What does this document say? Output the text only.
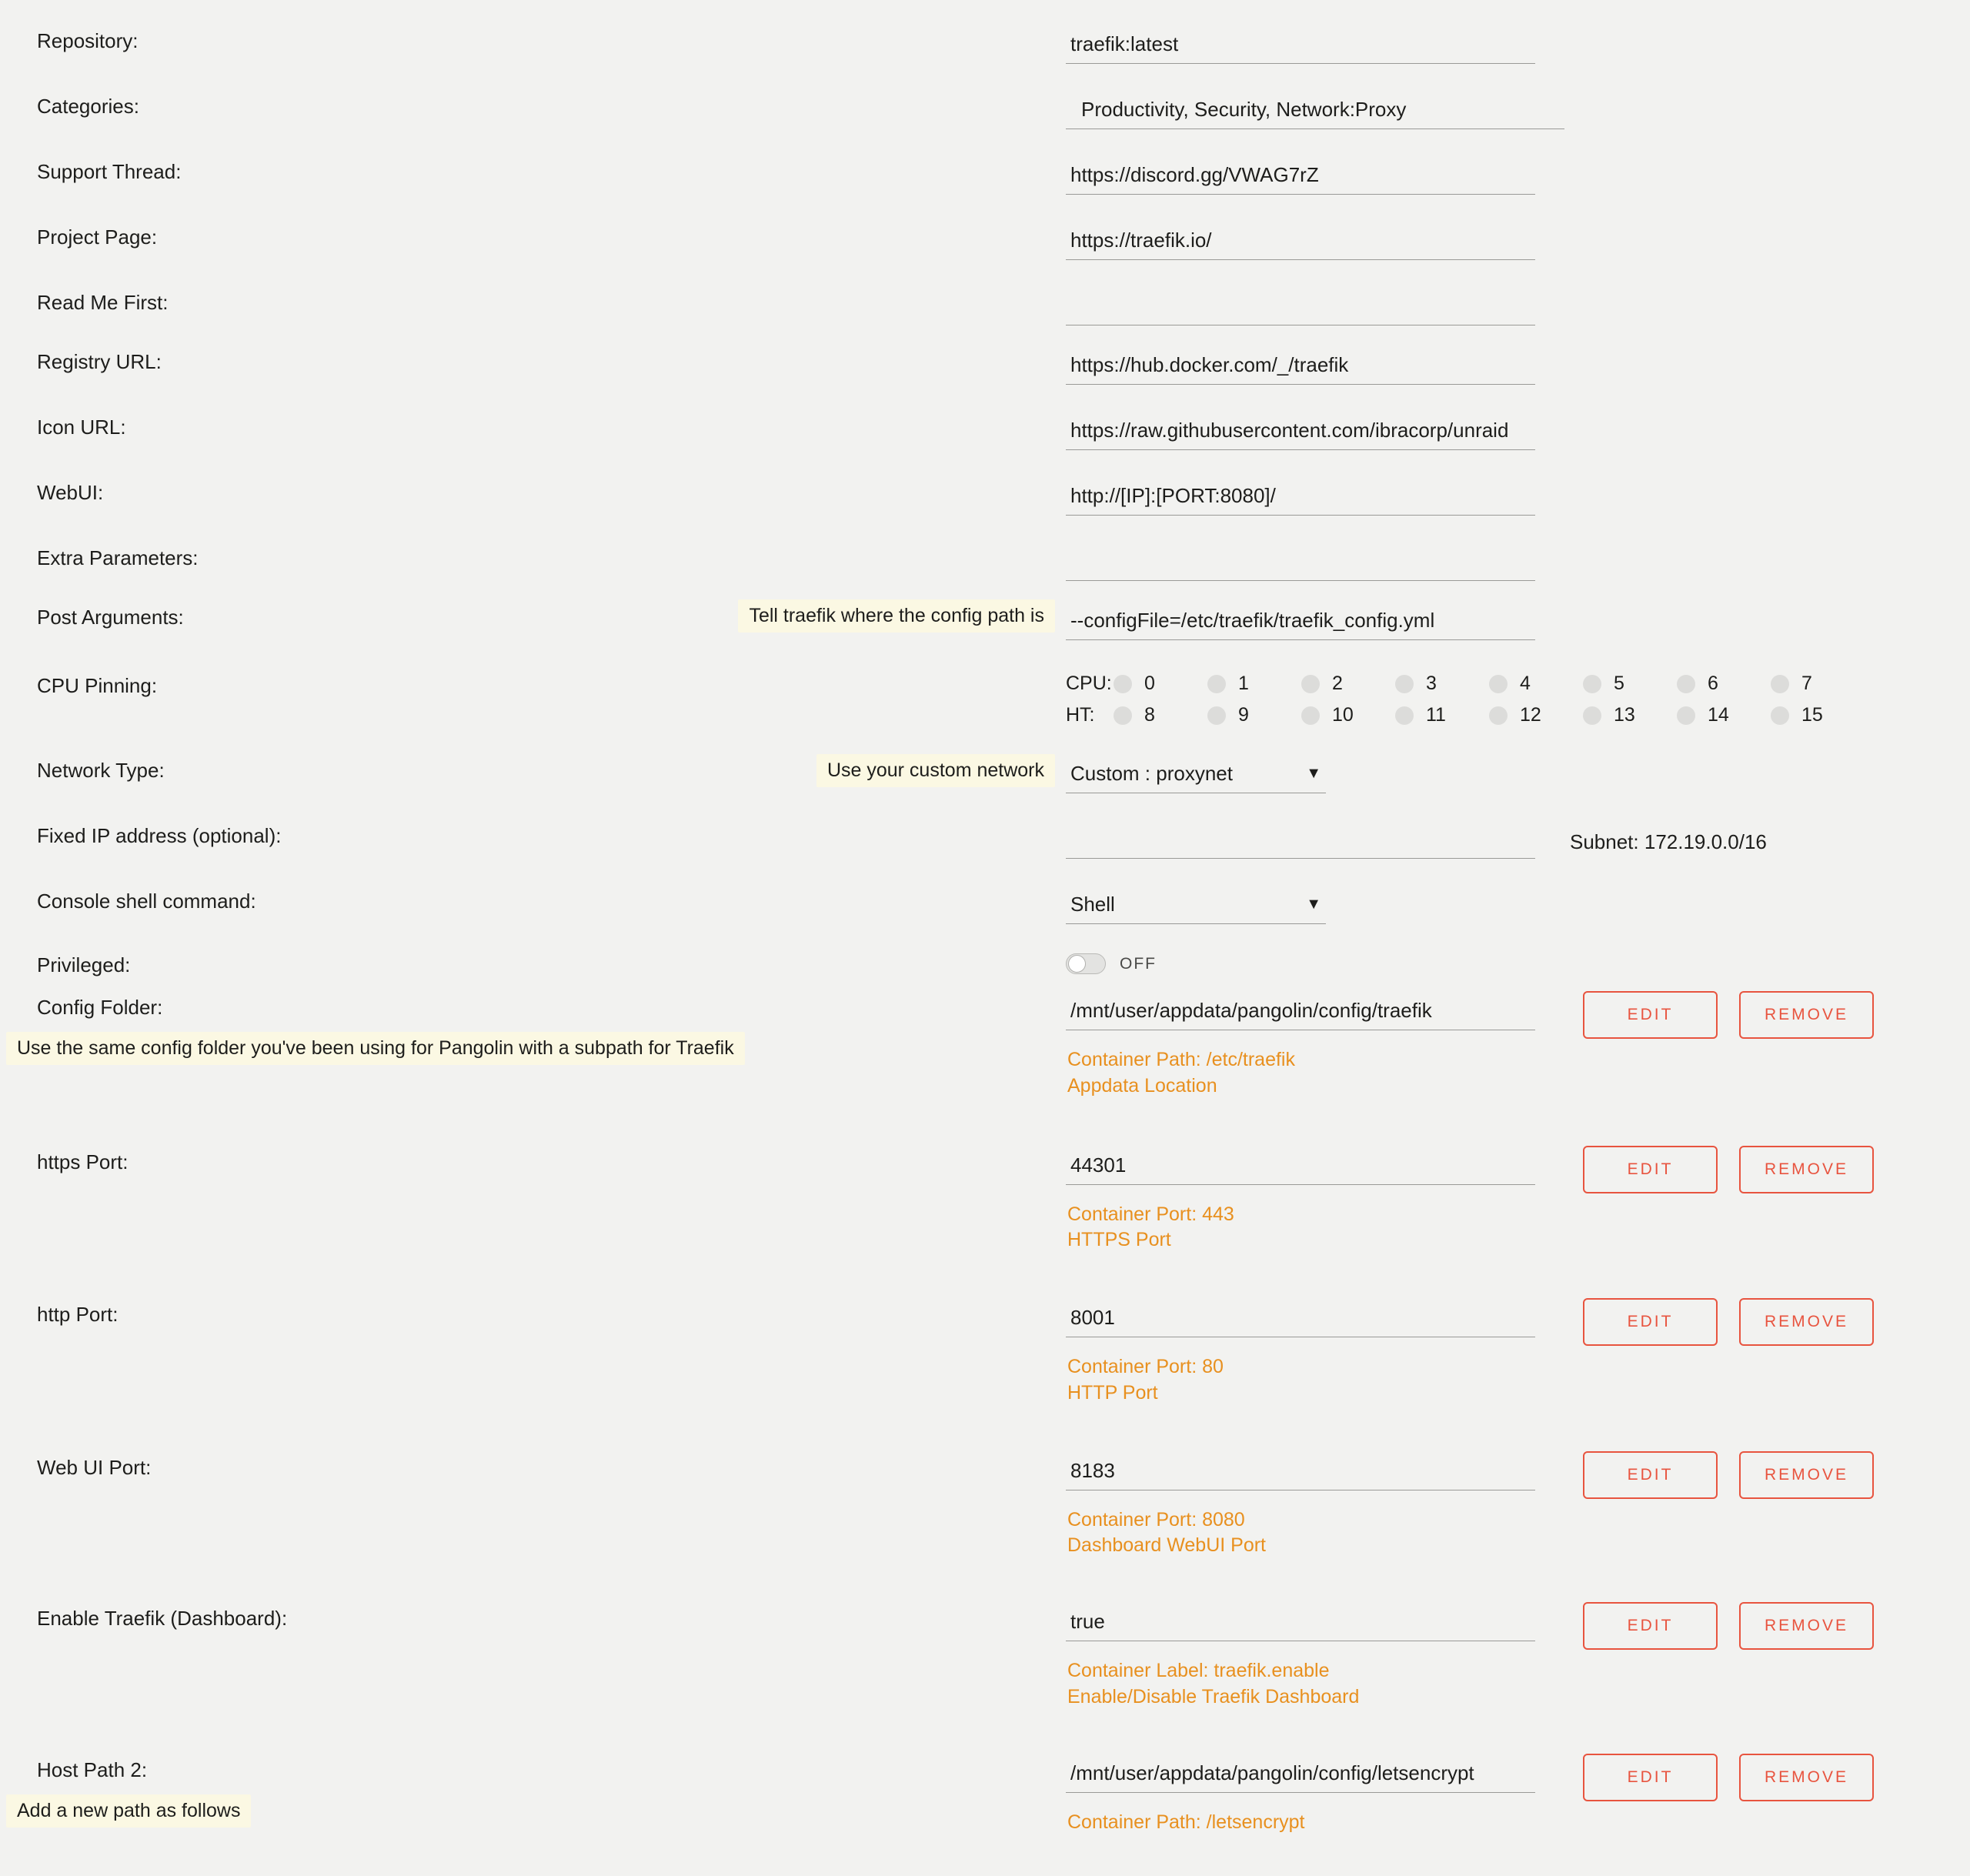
Repository:
traefik:latest
Categories:
Productivity, Security, Network:Proxy
Support Thread:
https://discord.gg/VWAG7rZ
Project Page:
https://traefik.io/
Read Me First:
Registry URL:
https://hub.docker.com/_/traefik
Icon URL:
https://raw.githubusercontent.com/ibracorp/unraid
WebUI:
http://[IP]:[PORT:8080]/
Extra Parameters:
Post Arguments:	Tell traefik where the config path is
--configFile=/etc/traefik/traefik_config.yml
CPU Pinning:	CPU: 0	1	2	3	4	5	6	7
HT:	8	9	10	11	12	13	14	15
Network Type:	Use your custom network	Custom : proxynet	▼
Fixed IP address (optional):	Subnet: 172.19.0.0/16
Console shell command:	Shell	▼
Privileged:	OFF
Config Folder:
Use the same config folder you've been using for Pangolin with a subpath for Traefik
/mnt/user/appdata/pangolin/config/traefik
EDIT	REMOVE
Container Path: /etc/traefik
Appdata Location
https Port:
44301	EDIT	REMOVE
Container Port: 443
HTTPS Port
http Port:
8001	EDIT	REMOVE
Container Port: 80
HTTP Port
Web UI Port:
8183	EDIT	REMOVE
Container Port: 8080
Dashboard WebUI Port
Enable Traefik (Dashboard):
true	EDIT	REMOVE
Container Label: traefik.enable
Enable/Disable Traefik Dashboard
Host Path 2:
Add a new path as follows
/mnt/user/appdata/pangolin/config/letsencrypt
EDIT	REMOVE
Container Path: /letsencrypt
